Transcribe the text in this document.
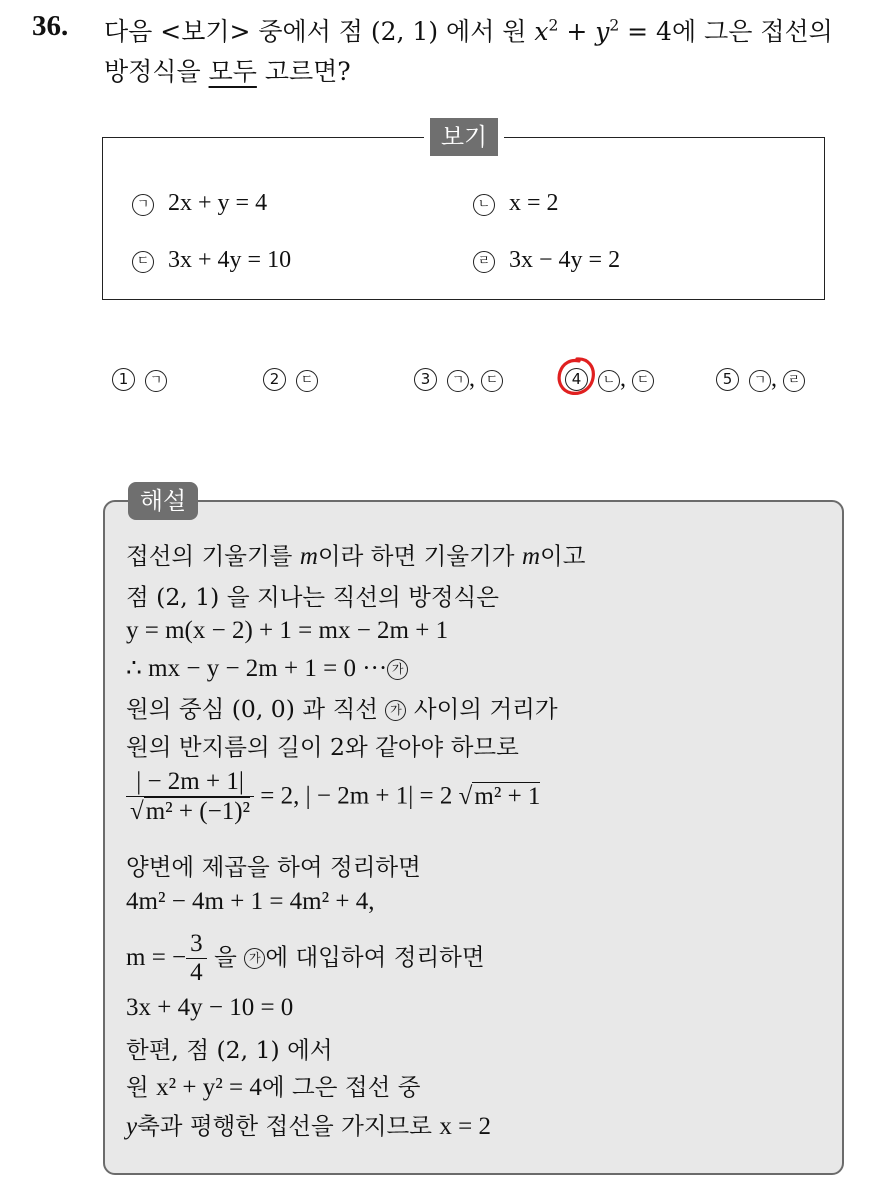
36. 다음 <보기> 중에서 점 (2, 1) 에서 원 $x^2 + y^2 = 4$에 그은 접선의
방정식을 모두 고르면?
보기
ㄱ 2x + y = 4	ㄴ x = 2
ㄷ 3x + 4y = 10	ㄹ 3x − 4y = 2
1 ㄱ	2 ㄷ	3 ㄱ , ㄷ	4 ㄴ , ㄷ	5 ㄱ , ㄹ
해설
접선의 기울기를 m이라 하면 기울기가 m이고
점 (2, 1) 을 지나는 직선의 방정식은
y = m(x − 2) + 1 = mx − 2m + 1
∴ mx − y − 2m + 1 = 0 ··· 가
원의 중심 (0, 0) 과 직선 가 사이의 거리가
원의 반지름의 길이 2와 같아야 하므로
$\frac{| - 2m + 1|}{\text{√m² + (−1)²}} = 2$, | − 2m + 1| = 2 √m² + 1
양변에 제곱을 하여 정리하면
4m² − 4m + 1 = 4m² + 4,
m = − $\frac{3}{4}$ 을 가 에 대입하여 정리하면
3x + 4y − 10 = 0
한편, 점 (2, 1) 에서
원 x² + y² = 4에 그은 접선 중
y축과 평행한 접선을 가지므로 x = 2
